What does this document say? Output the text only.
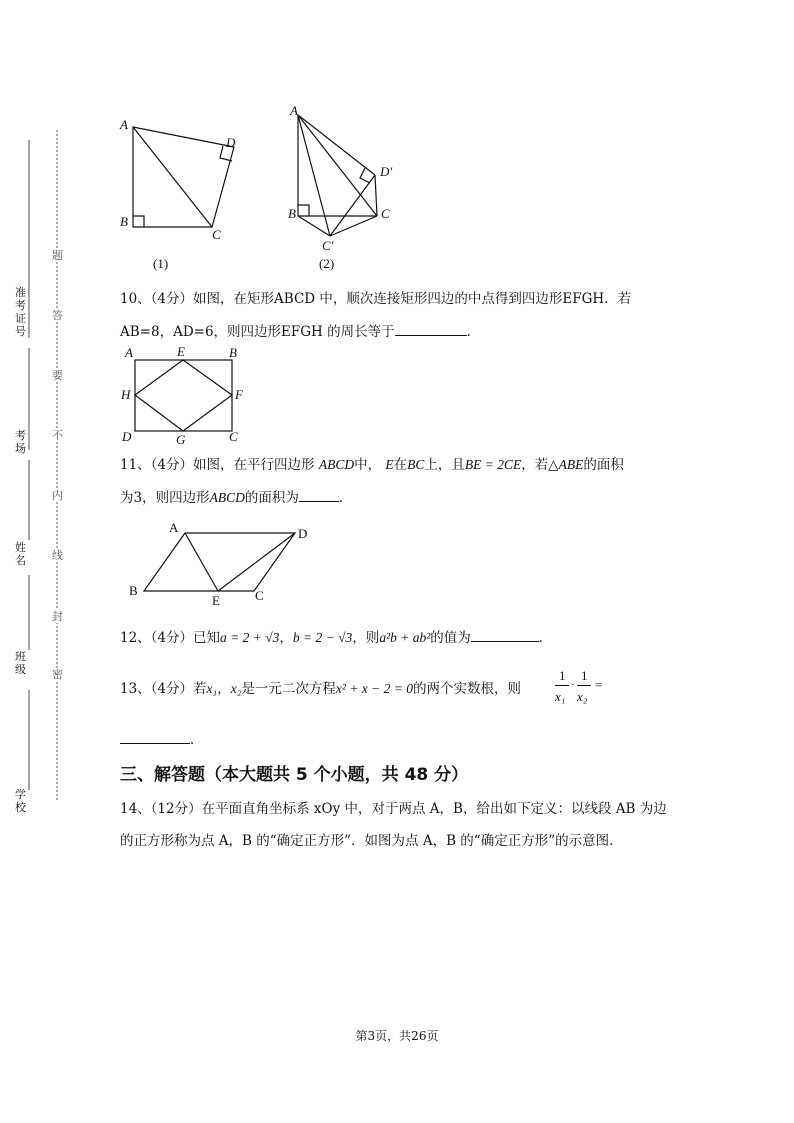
准考证号
考场
姓名
班级
学校
题
答
要
不
内
线
封
密
A
D
B
C
(1)
A
D′
B	C
C′
(2)
10、（4分）如图，在矩形ABCD 中，顺次连接矩形四边的中点得到四边形EFGH．若
AB=8，AD=6，则四边形EFGH 的周长等于	．
A	E	B
H	F
D	G	C
11、（4分）如图，在平行四边形 ABCD中， E在BC上，且BE = 2CE，若△ABE的面积
为3，则四边形ABCD的面积为	．
A	D
B
E	C
12、（4分）已知a = 2 + √3，b = 2 − √3，则a²b + ab²的值为	．
13、（4分）若x₁，x₂是一元二次方程x² + x − 2 = 0的两个实数根，则
1
x₁
·
1
x₂
=
．
三、解答题（本大题共 5 个小题，共 48 分）
14、（12分）在平面直角坐标系 xOy 中，对于两点 A，B，给出如下定义：以线段 AB 为边
的正方形称为点 A，B 的“确定正方形”．如图为点 A，B 的“确定正方形”的示意图．
第3页，共26页
